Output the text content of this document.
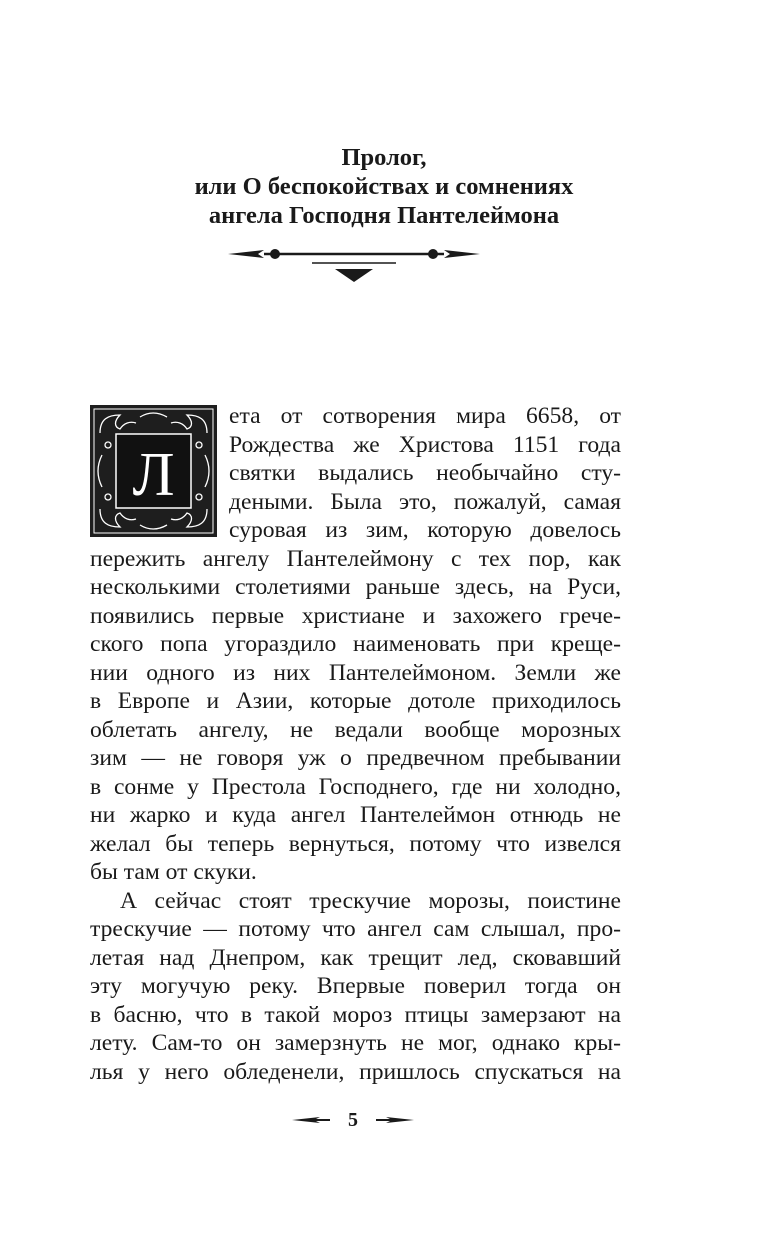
Пролог,
или О беспокойствах и сомнениях
ангела Господня Пантелеймона
Л
ета от сотворения мира 6658, от
Рождества же Христова 1151 года
святки выдались необычайно сту-
деными. Была это, пожалуй, самая
суровая из зим, которую довелось
пережить ангелу Пантелеймону с тех пор, как
несколькими столетиями раньше здесь, на Руси,
появились первые христиане и захожего грече-
ского попа угораздило наименовать при креще-
нии одного из них Пантелеймоном. Земли же
в Европе и Азии, которые дотоле приходилось
облетать ангелу, не ведали вообще морозных
зим — не говоря уж о предвечном пребывании
в сонме у Престола Господнего, где ни холодно,
ни жарко и куда ангел Пантелеймон отнюдь не
желал бы теперь вернуться, потому что извелся
бы там от скуки.
А сейчас стоят трескучие морозы, поистине
трескучие — потому что ангел сам слышал, про-
летая над Днепром, как трещит лед, сковавший
эту могучую реку. Впервые поверил тогда он
в басню, что в такой мороз птицы замерзают на
лету. Сам-то он замерзнуть не мог, однако кры-
лья у него обледенели, пришлось спускаться на
5
